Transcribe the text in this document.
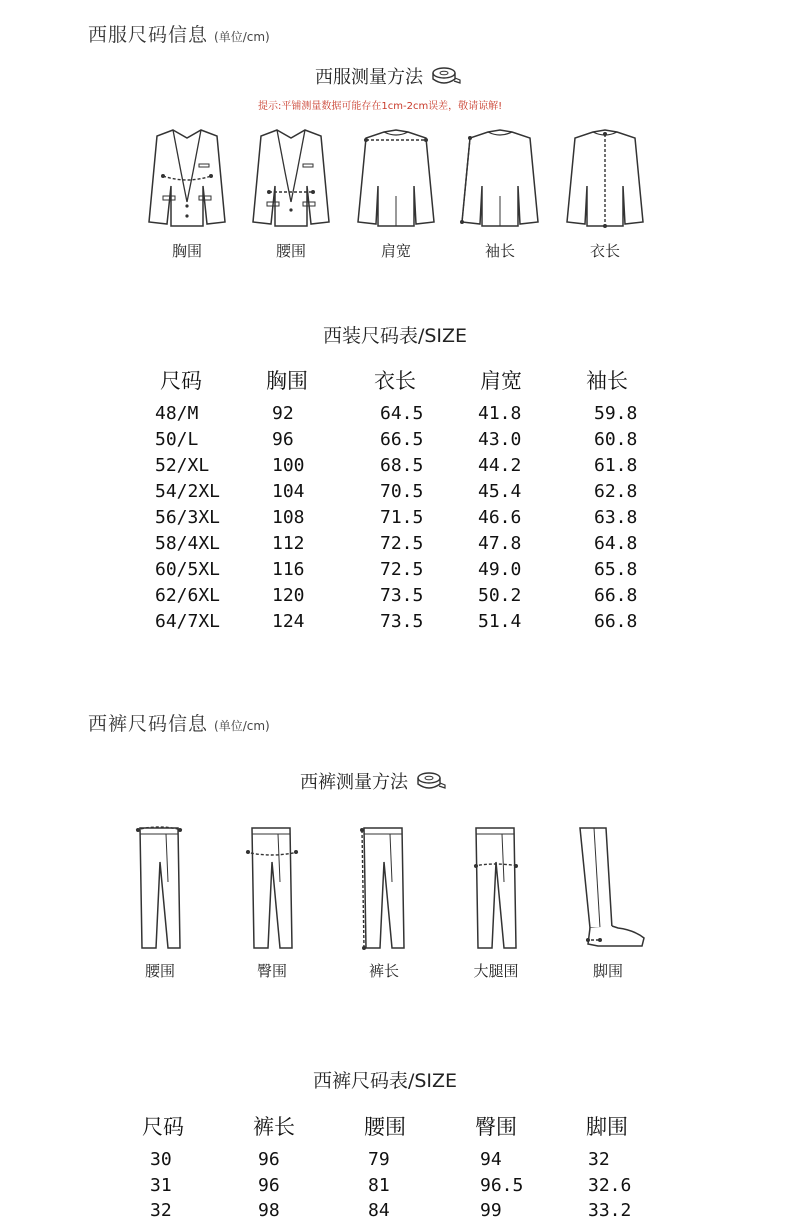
西服尺码信息 (单位/cm)
西服测量方法
提示:平铺测量数据可能存在1cm-2cm误差，敬请谅解!
胸围	腰围	肩宽	袖长	衣长
西装尺码表/SIZE
尺码	胸围	衣长	肩宽	袖长
48/M	92	64.5	41.8	59.8
50/L	96	66.5	43.0	60.8
52/XL	100	68.5	44.2	61.8
54/2XL	104	70.5	45.4	62.8
56/3XL	108	71.5	46.6	63.8
58/4XL	112	72.5	47.8	64.8
60/5XL	116	72.5	49.0	65.8
62/6XL	120	73.5	50.2	66.8
64/7XL	124	73.5	51.4	66.8
西裤尺码信息 (单位/cm)
西裤测量方法
腰围	臀围	裤长	大腿围	脚围
西裤尺码表/SIZE
尺码	裤长	腰围	臀围	脚围
30	96	79	94	32
31	96	81	96.5	32.6
32	98	84	99	33.2
